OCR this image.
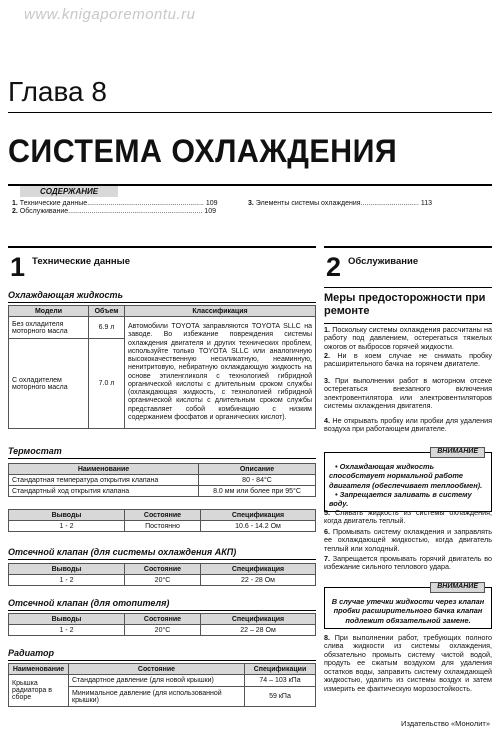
www.knigaporemontu.ru
Глава 8
СИСТЕМА ОХЛАЖДЕНИЯ
СОДЕРЖАНИЕ
1. Технические данные............................................................ 109
2. Обслуживание..................................................................... 109
3. Элементы системы охлаждения.............................. 113
1 Технические данные
Охлаждающая жидкость
Модели	Объем	Классификация
Без охладителя моторного масла	6.9 л	Автомобили TOYOTA заправляются TOYOTA SLLC на заводе. Во избежание повреждения системы охлаждения двигателя и других технических проблем, используйте только TOYOTA SLLC или аналогичную высококачественную несиликатную, неаминную, ненитритовую, небиратную охлаждающую жидкость на основе этиленгликоля с технологией гибридной органической кислоты с длительным сроком службы (охлаждающая жидкость, с технологией гибридной органической кислоты с длительным сроком службы представляет собой комбинацию с низким содержанием фосфатов и органических кислот).
С охладителем моторного масла	7.0 л	
Термостат
Наименование	Описание
Стандартная температура открытия клапана	80 - 84°C
Стандартный ход открытия клапана	8.0 мм или более при 95°C
Выводы	Состояние	Спецификация
1 - 2	Постоянно	10.6 - 14.2 Ом
Отсечной клапан (для системы охлаждения АКП)
Выводы	Состояние	Спецификация
1 - 2	20°C	22 - 28 Ом
Отсечной клапан (для отопителя)
Выводы	Состояние	Спецификация
1 - 2	20°C	22 – 28 Ом
Радиатор
Наименование	Состояние	Спецификации
Крышка радиатора в сборе	Стандартное давление (для новой крышки)	74 – 103 кПа
	Минимальное давление (для использованной крышки)	59 кПа
2 Обслуживание
Меры предосторожности при ремонте
1. Поскольку системы охлаждения рассчитаны на работу под давлением, остерегаться тяжелых ожогов от выбросов горячей жидкости.
2. Ни в коем случае не снимать пробку расширительного бачка на горячем двигателе.
3. При выполнении работ в моторном отсеке остерегаться внезапного включения электровентилятора или электровентиляторов системы охлаждения двигателя.
4. Не открывать пробку или пробки для удаления воздуха при работающем двигателе.
ВНИМАНИЕ
• Охлаждающая жидкость способствует нормальной работе двигателя (обеспечивает теплообмен).
• Запрещается заливать в систему воду.
5. Сливать жидкость из системы охлаждения, когда двигатель теплый.
6. Промывать систему охлаждения и заправлять ее охлаждающей жидкостью, когда двигатель теплый или холодный.
7. Запрещается промывать горячий двигатель во избежание сильного теплового удара.
ВНИМАНИЕ
В случае утечки жидкости через клапан пробки расширительного бачка клапан подлежит обязательной замене.
8. При выполнении работ, требующих полного слива жидкости из системы охлаждения, обязательно промыть систему чистой водой, продуть ее сжатым воздухом для удаления остатков воды, заправить систему охлаждающей жидкостью, удалить из системы воздух и затем измерить ее фактическую морозостойкость.
Издательство «Монолит»
